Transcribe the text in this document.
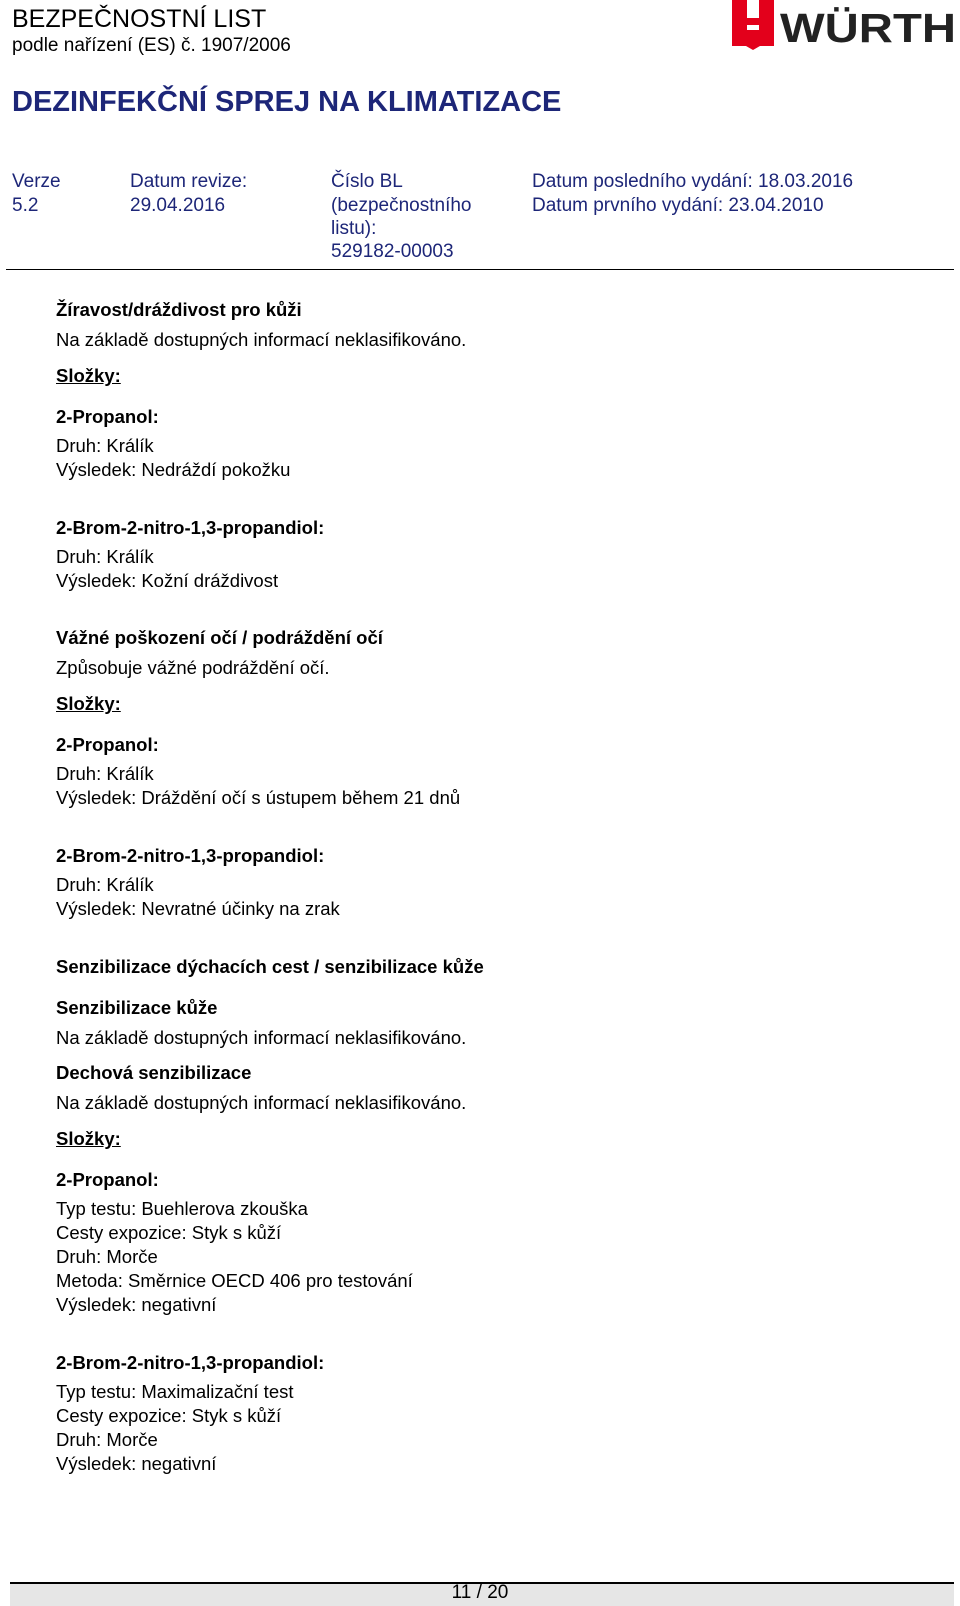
BEZPEČNOSTNÍ LIST
podle nařízení (ES) č. 1907/2006	WÜRTH
DEZINFEKČNÍ SPREJ NA KLIMATIZACE
Verze
5.2
Datum revize:
29.04.2016
Číslo BL
(bezpečnostního
listu):
529182-00003
Datum posledního vydání: 18.03.2016
Datum prvního vydání: 23.04.2010
Žíravost/dráždivost pro kůži
Na základě dostupných informací neklasifikováno.
Složky:
2-Propanol:
Druh: Králík
Výsledek: Nedráždí pokožku
2-Brom-2-nitro-1,3-propandiol:
Druh: Králík
Výsledek: Kožní dráždivost
Vážné poškození očí / podráždění očí
Způsobuje vážné podráždění očí.
Složky:
2-Propanol:
Druh: Králík
Výsledek: Dráždění očí s ústupem během 21 dnů
2-Brom-2-nitro-1,3-propandiol:
Druh: Králík
Výsledek: Nevratné účinky na zrak
Senzibilizace dýchacích cest / senzibilizace kůže
Senzibilizace kůže
Na základě dostupných informací neklasifikováno.
Dechová senzibilizace
Na základě dostupných informací neklasifikováno.
Složky:
2-Propanol:
Typ testu: Buehlerova zkouška
Cesty expozice: Styk s kůží
Druh: Morče
Metoda: Směrnice OECD 406 pro testování
Výsledek: negativní
2-Brom-2-nitro-1,3-propandiol:
Typ testu: Maximalizační test
Cesty expozice: Styk s kůží
Druh: Morče
Výsledek: negativní
11 / 20
